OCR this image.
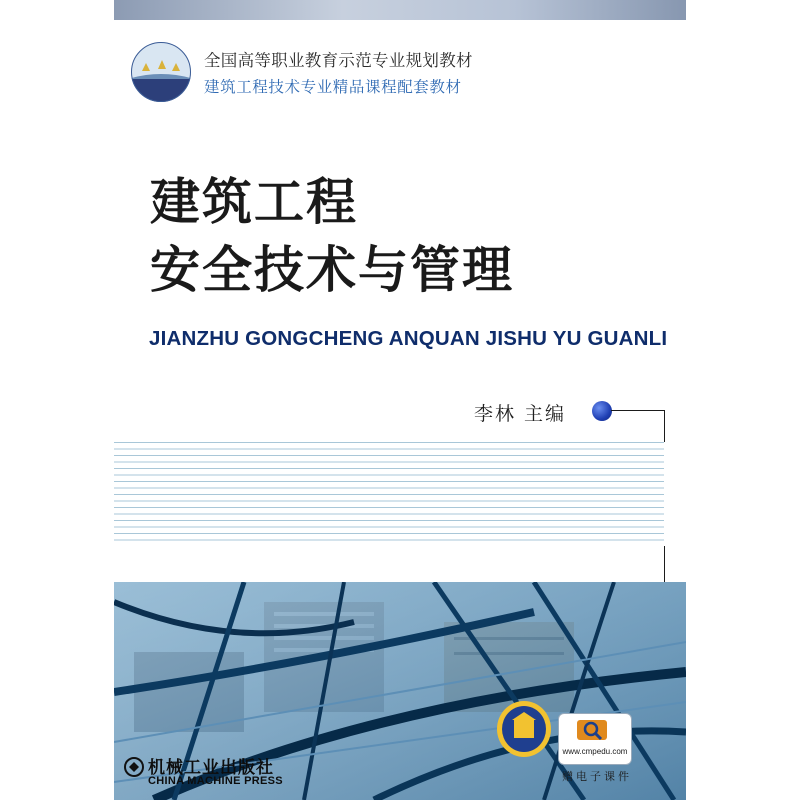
全国高等职业教育示范专业规划教材
建筑工程技术专业精品课程配套教材
建筑工程
安全技术与管理
JIANZHU GONGCHENG ANQUAN JISHU YU GUANLI
李林 主编
机械工业出版社
CHINA MACHINE PRESS
www.cmpedu.com
赠电子课件
